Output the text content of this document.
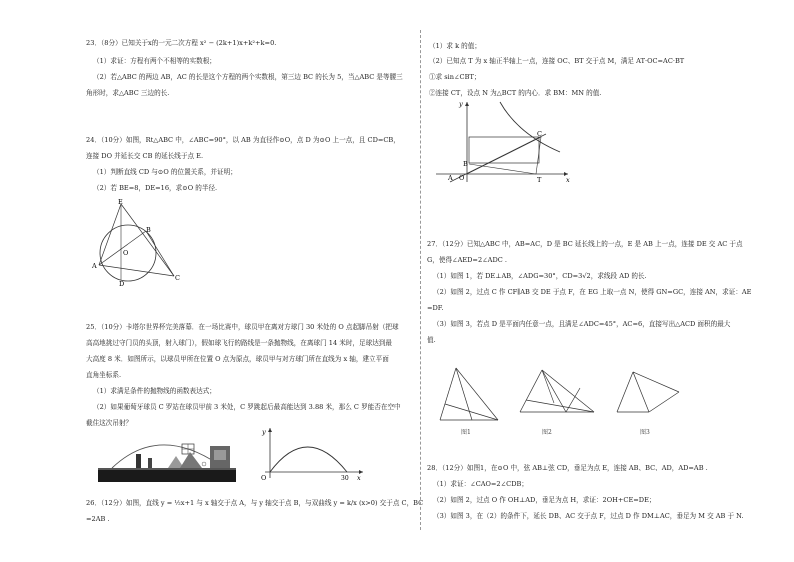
23．（8分）已知关于x的一元二次方程 x² − (2k+1)x+k²+k=0.
（1）求证：方程有两个不相等的实数根；
（2）若△ABC 的两边 AB，AC 的长是这个方程的两个实数根，第三边 BC 的长为 5，当△ABC 是等腰三
角形时，求△ABC 三边的长.
24．（10分）如图，Rt△ABC 中，∠ABC=90°，以 AB 为直径作⊙O，点 D 为⊙O 上一点，且 CD=CB，
连接 DO 并延长交 CB 的延长线于点 E.
（1）判断直线 CD 与⊙O 的位置关系，并证明；
（2）若 BE=8，DE=16，求⊙O 的半径.
E
B
O
A
D
C
25．（10分）卡塔尔世界杯完美落幕．在一场比赛中，球员甲在离对方球门 30 米处的 O 点起脚吊射（把球
高高地挑过守门员的头顶，射入球门），假如球飞行的路线是一条抛物线，在离球门 14 米时，足球达到最
大高度 8 米．如图所示，以球员甲所在位置 O 点为原点，球员甲与对方球门所在直线为 x 轴，建立平面
直角坐标系.
（1）求满足条件的抛物线的函数表达式；
（2）如果葡萄牙球员 C 罗站在球员甲前 3 米处，C 罗跳起后最高能达到 3.88 米，那么 C 罗能否在空中
截住这次吊射？
y
x
O	30
26．（12分）如图，直线 y = ½x+1 与 x 轴交于点 A，与 y 轴交于点 B，与双曲线 y = k/x (x>0) 交于点 C，BC
=2AB .
（1）求 k 的值；
（2）已知点 T 为 x 轴正半轴上一点，连接 OC、BT 交于点 M，满足 AT·OC=AC·BT
①求 sin∠CBT；
②连接 CT，设点 N 为△BCT 的内心．求 BM：MN 的值.
y
x
A O
B
C
T
27．（12分）已知△ABC 中，AB=AC，D 是 BC 延长线上的一点，E 是 AB 上一点，连接 DE 交 AC 于点
G，使得∠AED=2∠ADC .
（1）如图 1，若 DE⊥AB，∠ADG=30°，CD=3√2，求线段 AD 的长.
（2）如图 2，过点 C 作 CF∥AB 交 DE 于点 F，在 EG 上取一点 N，使得 GN=GC，连接 AN，求证：AE
=DF.
（3）如图 3，若点 D 是平面内任意一点，且满足∠ADC=45°，AC=6，直接写出△ACD 面积的最大
值.
图1	图2	图3
28．（12分）如图1，在⊙O 中，弦 AB⊥弦 CD，垂足为点 E，连接 AB、BC、AD，AD=AB .
（1）求证：∠CAO=2∠CDB；
（2）如图 2，过点 O 作 OH⊥AD，垂足为点 H，求证：2OH+CE=DE；
（3）如图 3，在（2）的条件下，延长 DB、AC 交于点 F，过点 D 作 DM⊥AC，垂足为 M 交 AB 于 N.
